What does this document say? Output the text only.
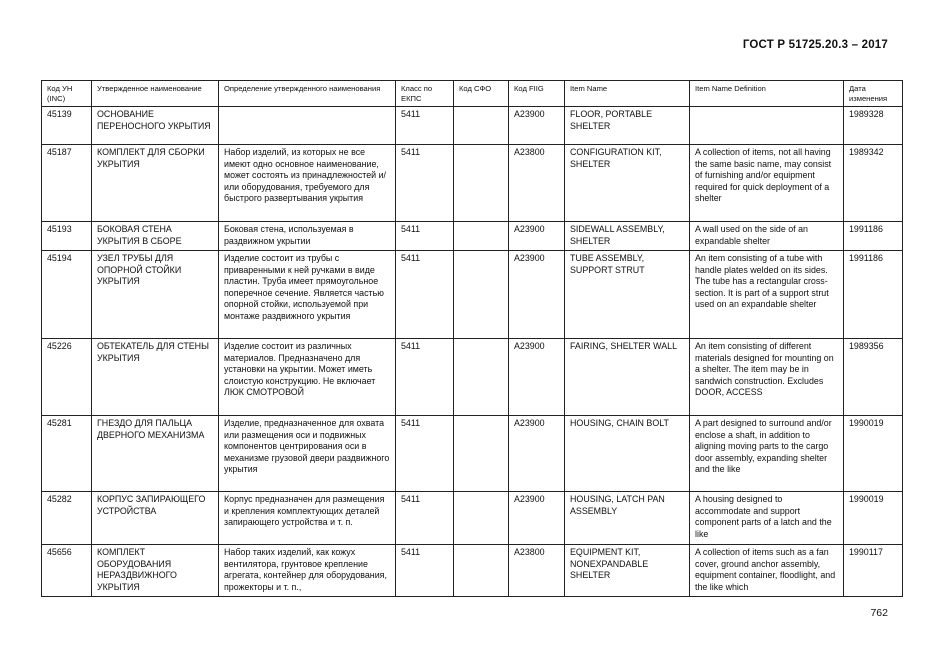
ГОСТ Р 51725.20.3 – 2017
Код УН (INC)	Утвержденное наименование	Определение утвержденного наименования	Класс по ЕКПС	Код СФО	Код FIIG	Item Name	Item Name Definition	Дата изменения
45139	ОСНОВАНИЕ ПЕРЕНОСНОГО УКРЫТИЯ		5411		A23900	FLOOR, PORTABLE SHELTER		1989328
45187	КОМПЛЕКТ ДЛЯ СБОРКИ УКРЫТИЯ	Набор изделий, из которых не все имеют одно основное наименование, может состоять из принадлежностей и/или оборудования, требуемого для быстрого развертывания укрытия	5411		A23800	CONFIGURATION KIT, SHELTER	A collection of items, not all having the same basic name, may consist of furnishing and/or equipment required for quick deployment of a shelter	1989342
45193	БОКОВАЯ СТЕНА УКРЫТИЯ В СБОРЕ	Боковая стена, используемая в раздвижном укрытии	5411		A23900	SIDEWALL ASSEMBLY, SHELTER	A wall used on the side of an expandable shelter	1991186
45194	УЗЕЛ ТРУБЫ ДЛЯ ОПОРНОЙ СТОЙКИ УКРЫТИЯ	Изделие состоит из трубы с приваренными к ней ручками в виде пластин. Труба имеет прямоугольное поперечное сечение. Является частью опорной стойки, используемой при монтаже раздвижного укрытия	5411		A23900	TUBE ASSEMBLY, SUPPORT STRUT	An item consisting of a tube with handle plates welded on its sides. The tube has a rectangular cross-section. It is part of a support strut used on an expandable shelter	1991186
45226	ОБТЕКАТЕЛЬ ДЛЯ СТЕНЫ УКРЫТИЯ	Изделие состоит из различных материалов. Предназначено для установки на укрытии. Может иметь слоистую конструкцию. Не включает ЛЮК СМОТРОВОЙ	5411		A23900	FAIRING, SHELTER WALL	An item consisting of different materials designed for mounting on a shelter. The item may be in sandwich construction. Excludes DOOR, ACCESS	1989356
45281	ГНЕЗДО ДЛЯ ПАЛЬЦА ДВЕРНОГО МЕХАНИЗМА	Изделие, предназначенное для охвата или размещения оси и подвижных компонентов центрирования оси в механизме грузовой двери раздвижного укрытия	5411		A23900	HOUSING, CHAIN BOLT	A part designed to surround and/or enclose a shaft, in addition to aligning moving parts to the cargo door assembly, expanding shelter and the like	1990019
45282	КОРПУС ЗАПИРАЮЩЕГО УСТРОЙСТВА	Корпус предназначен для размещения и крепления комплектующих деталей запирающего устройства и т. п.	5411		A23900	HOUSING, LATCH PAN ASSEMBLY	A housing designed to accommodate and support component parts of a latch and the like	1990019
45656	КОМПЛЕКТ ОБОРУДОВАНИЯ НЕРАЗДВИЖНОГО УКРЫТИЯ	Набор таких изделий, как кожух вентилятора, грунтовое крепление агрегата, контейнер для оборудования, прожекторы и т. п.,	5411		A23800	EQUIPMENT KIT, NONEXPANDABLE SHELTER	A collection of items such as a fan cover, ground anchor assembly, equipment container, floodlight, and the like which	1990117
762
